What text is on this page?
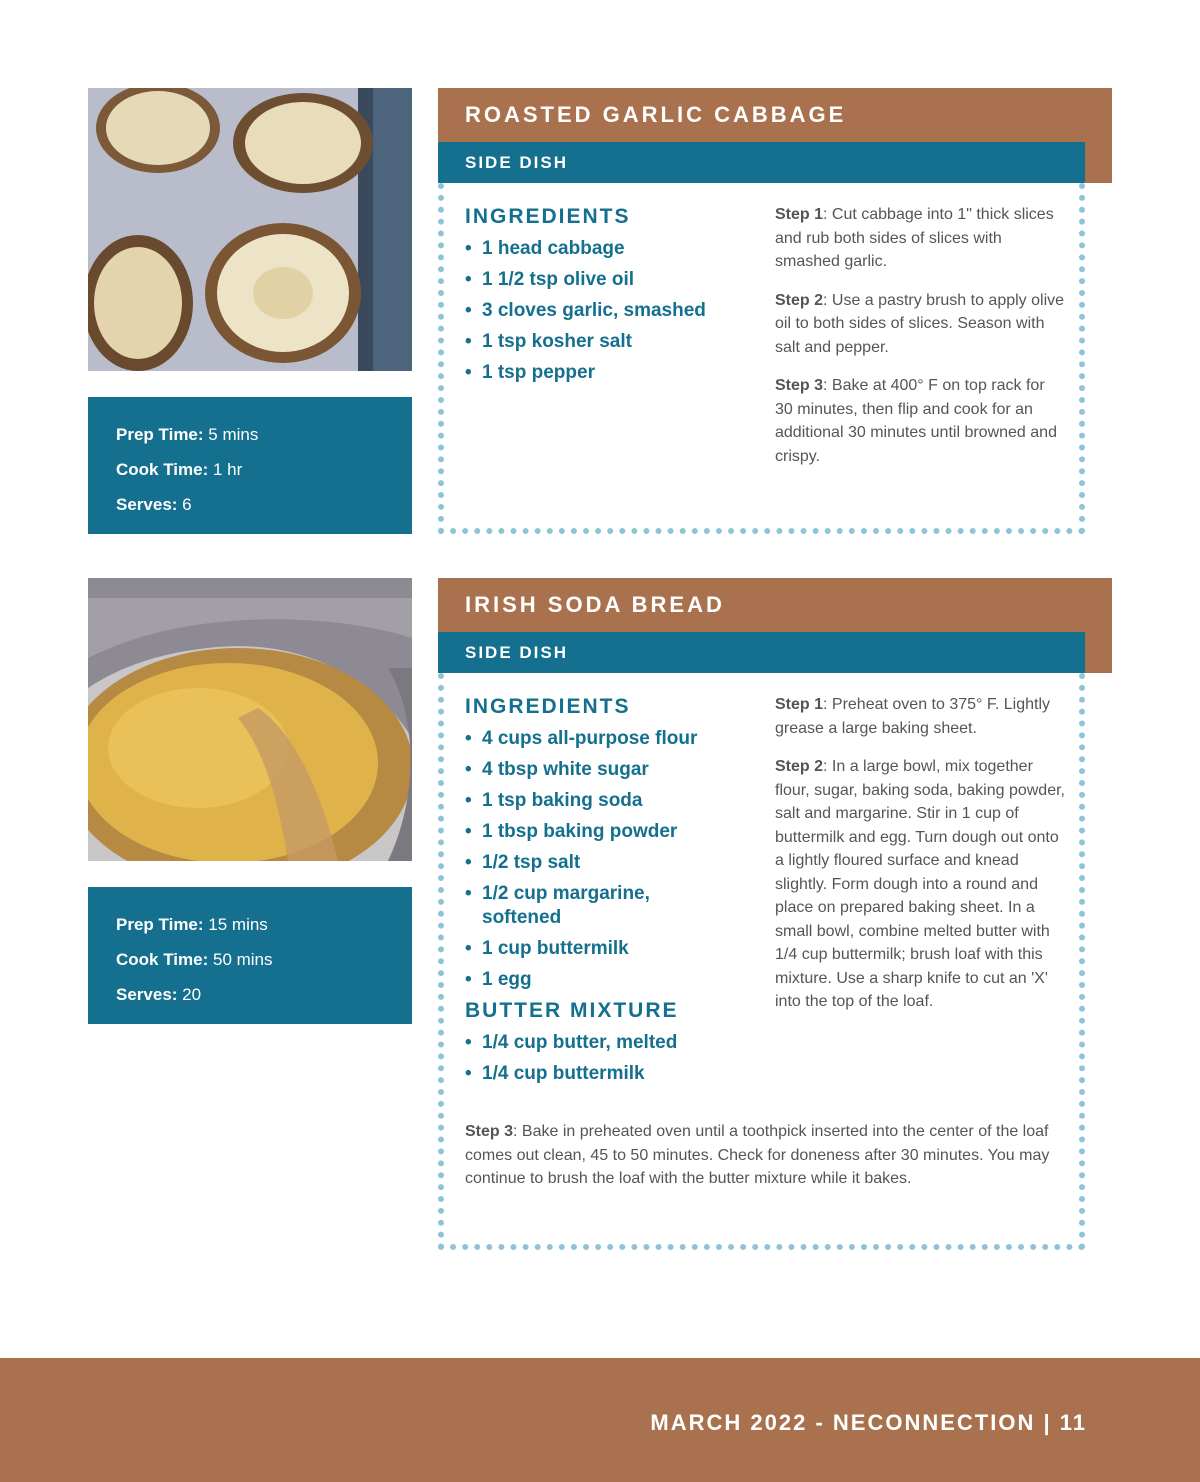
Prep Time: 5 mins

Cook Time: 1 hr

Serves: 6

ROASTED GARLIC CABBAGE
SIDE DISH
INGREDIENTS
• 1 head cabbage
• 1 1/2 tsp olive oil
• 3 cloves garlic, smashed
• 1 tsp kosher salt
• 1 tsp pepper

Step 1: Cut cabbage into 1" thick slices and rub both sides of slices with smashed garlic.

Step 2: Use a pastry brush to apply olive oil to both sides of slices. Season with salt and pepper.

Step 3: Bake at 400° F on top rack for 30 minutes, then flip and cook for an additional 30 minutes until browned and crispy.

Prep Time: 15 mins

Cook Time: 50 mins

Serves: 20

IRISH SODA BREAD
SIDE DISH
INGREDIENTS
• 4 cups all-purpose flour
• 4 tbsp white sugar
• 1 tsp baking soda
• 1 tbsp baking powder
• 1/2 tsp salt
• 1/2 cup margarine, softened
• 1 cup buttermilk
• 1 egg
BUTTER MIXTURE
• 1/4 cup butter, melted
• 1/4 cup buttermilk

Step 1: Preheat oven to 375° F. Lightly grease a large baking sheet.

Step 2: In a large bowl, mix together flour, sugar, baking soda, baking powder, salt and margarine. Stir in 1 cup of buttermilk and egg. Turn dough out onto a lightly floured surface and knead slightly. Form dough into a round and place on prepared baking sheet. In a small bowl, combine melted butter with 1/4 cup buttermilk; brush loaf with this mixture. Use a sharp knife to cut an 'X' into the top of the loaf.

Step 3: Bake in preheated oven until a toothpick inserted into the center of the loaf comes out clean, 45 to 50 minutes. Check for doneness after 30 minutes. You may continue to brush the loaf with the butter mixture while it bakes.

MARCH 2022 - NECONNECTION | 11
